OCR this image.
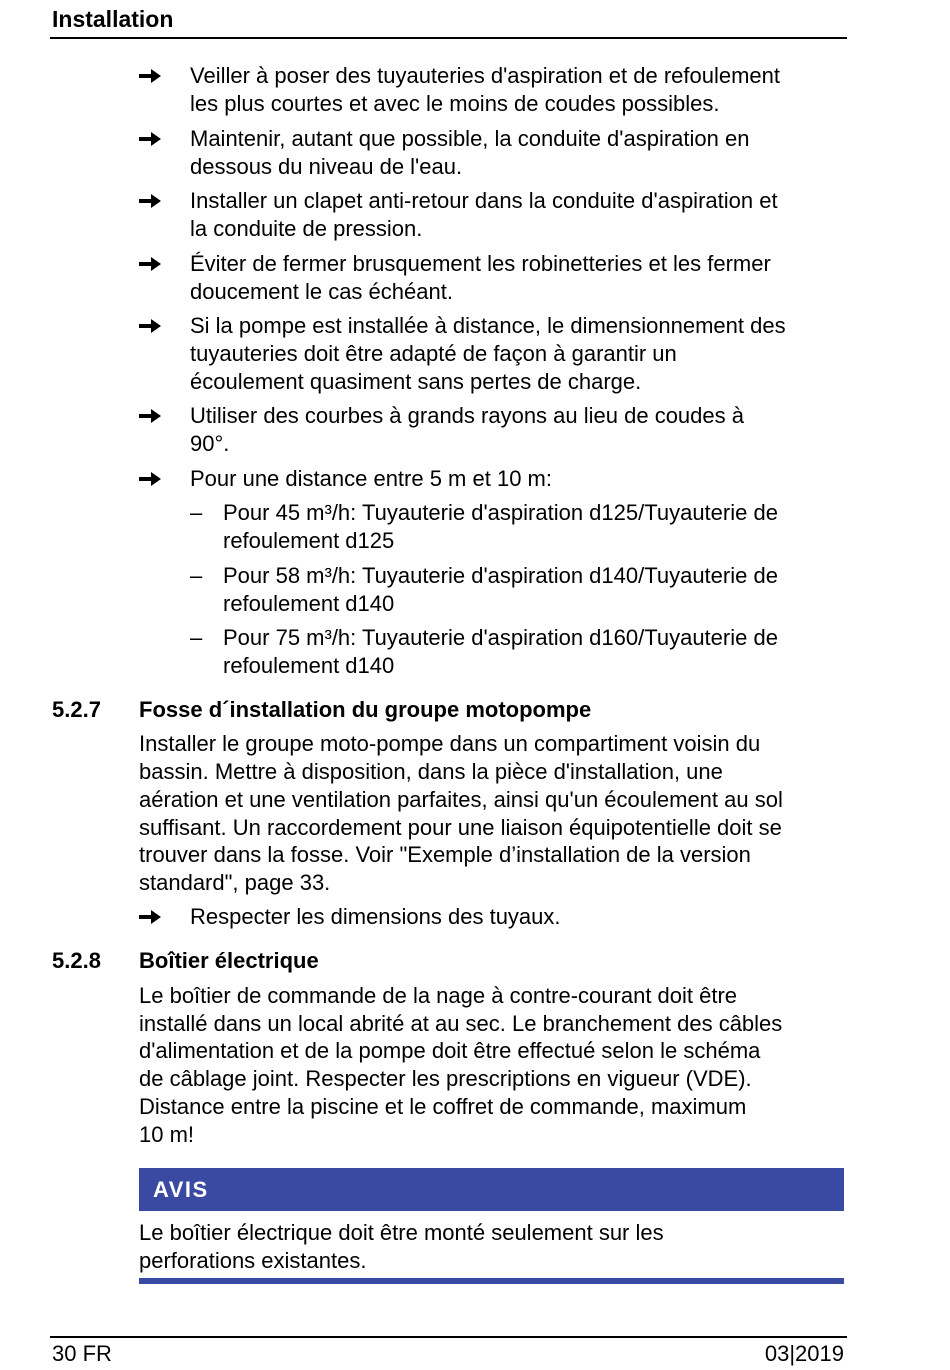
Installation
Veiller à poser des tuyauteries d'aspiration et de refoulement
les plus courtes et avec le moins de coudes possibles.
Maintenir, autant que possible, la conduite d'aspiration en
dessous du niveau de l'eau.
Installer un clapet anti-retour dans la conduite d'aspiration et
la conduite de pression.
Éviter de fermer brusquement les robinetteries et les fermer
doucement le cas échéant.
Si la pompe est installée à distance, le dimensionnement des
tuyauteries doit être adapté de façon à garantir un
écoulement quasiment sans pertes de charge.
Utiliser des courbes à grands rayons au lieu de coudes à
90°.
Pour une distance entre 5 m et 10 m:
– Pour 45 m³/h: Tuyauterie d'aspiration d125/Tuyauterie de
refoulement d125
– Pour 58 m³/h: Tuyauterie d'aspiration d140/Tuyauterie de
refoulement d140
– Pour 75 m³/h: Tuyauterie d'aspiration d160/Tuyauterie de
refoulement d140
5.2.7 Fosse d´installation du groupe motopompe
Installer le groupe moto-pompe dans un compartiment voisin du
bassin. Mettre à disposition, dans la pièce d'installation, une
aération et une ventilation parfaites, ainsi qu'un écoulement au sol
suffisant. Un raccordement pour une liaison équipotentielle doit se
trouver dans la fosse. Voir "Exemple d’installation de la version
standard", page 33.
Respecter les dimensions des tuyaux.
5.2.8 Boîtier électrique
Le boîtier de commande de la nage à contre-courant doit être
installé dans un local abrité at au sec. Le branchement des câbles
d'alimentation et de la pompe doit être effectué selon le schéma
de câblage joint. Respecter les prescriptions en vigueur (VDE).
Distance entre la piscine et le coffret de commande, maximum
10 m!
AVIS
Le boîtier électrique doit être monté seulement sur les
perforations existantes.
30 FR	03|2019
